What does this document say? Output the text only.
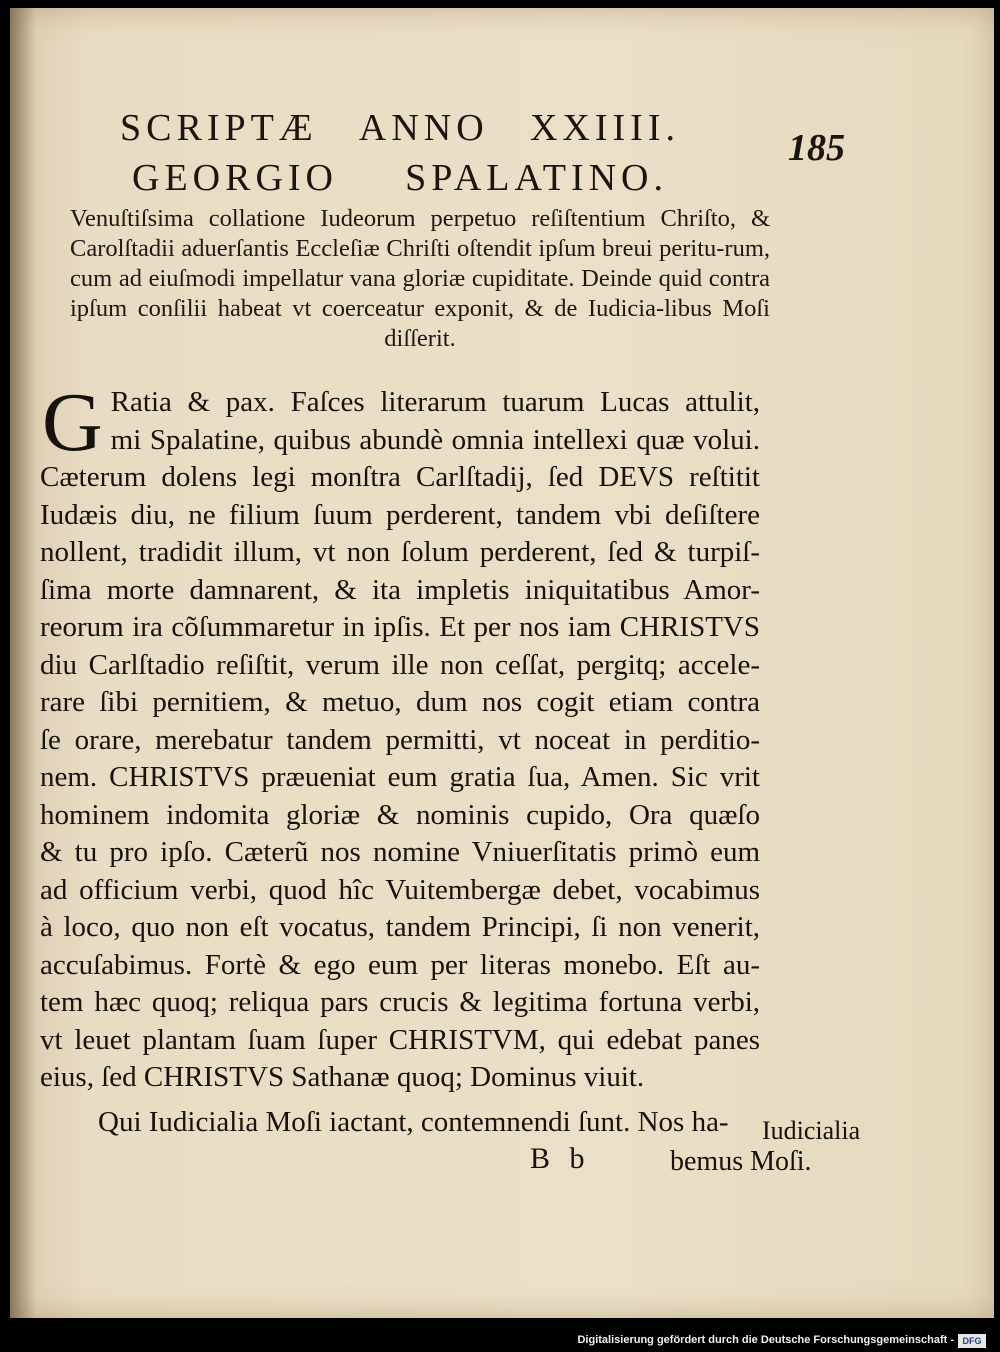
SCRIPTÆ ANNO XXIIII.
GEORGIO SPALATINO.
185
Venuſtiſsima collatione Iudeorum perpetuo reſiſtentium Chriſto, & Carolſtadii aduerſantis Eccleſiæ Chriſti oſtendit ipſum breui peritu-rum, cum ad eiuſmodi impellatur vana gloriæ cupiditate. Deinde quid contra ipſum conſilii habeat vt coerceatur exponit, & de Iudicia-libus Moſi diſſerit.
G Ratia & pax. Faſces literarum tuarum Lucas attulit,
mi Spalatine, quibus abundè omnia intellexi quæ volui.
Cæterum dolens legi monſtra Carlſtadij, ſed DEVS reſtitit
Iudæis diu, ne filium ſuum perderent, tandem vbi deſiſtere
nollent, tradidit illum, vt non ſolum perderent, ſed & turpiſ-
ſima morte damnarent, & ita impletis iniquitatibus Amor-
reorum ira cõſummaretur in ipſis. Et per nos iam CHRISTVS
diu Carlſtadio reſiſtit, verum ille non ceſſat, pergitq; accele-
rare ſibi pernitiem, & metuo, dum nos cogit etiam contra
ſe orare, merebatur tandem permitti, vt noceat in perditio-
nem. CHRISTVS præueniat eum gratia ſua, Amen. Sic vrit
hominem indomita gloriæ & nominis cupido, Ora quæſo
& tu pro ipſo. Cæterũ nos nomine Vniuerſitatis primò eum
ad officium verbi, quod hîc Vuitembergæ debet, vocabimus
à loco, quo non eſt vocatus, tandem Principi, ſi non venerit,
accuſabimus. Fortè & ego eum per literas monebo. Eſt au-
tem hæc quoq; reliqua pars crucis & legitima fortuna verbi,
vt leuet plantam ſuam ſuper CHRISTVM, qui edebat panes
eius, ſed CHRISTVS Sathanæ quoq; Dominus viuit.
Qui Iudicialia Moſi iactant, contemnendi ſunt. Nos ha-	Iudicialia
B b	bemus Moſi.
Digitalisierung gefördert durch die Deutsche Forschungsgemeinschaft - DFG
